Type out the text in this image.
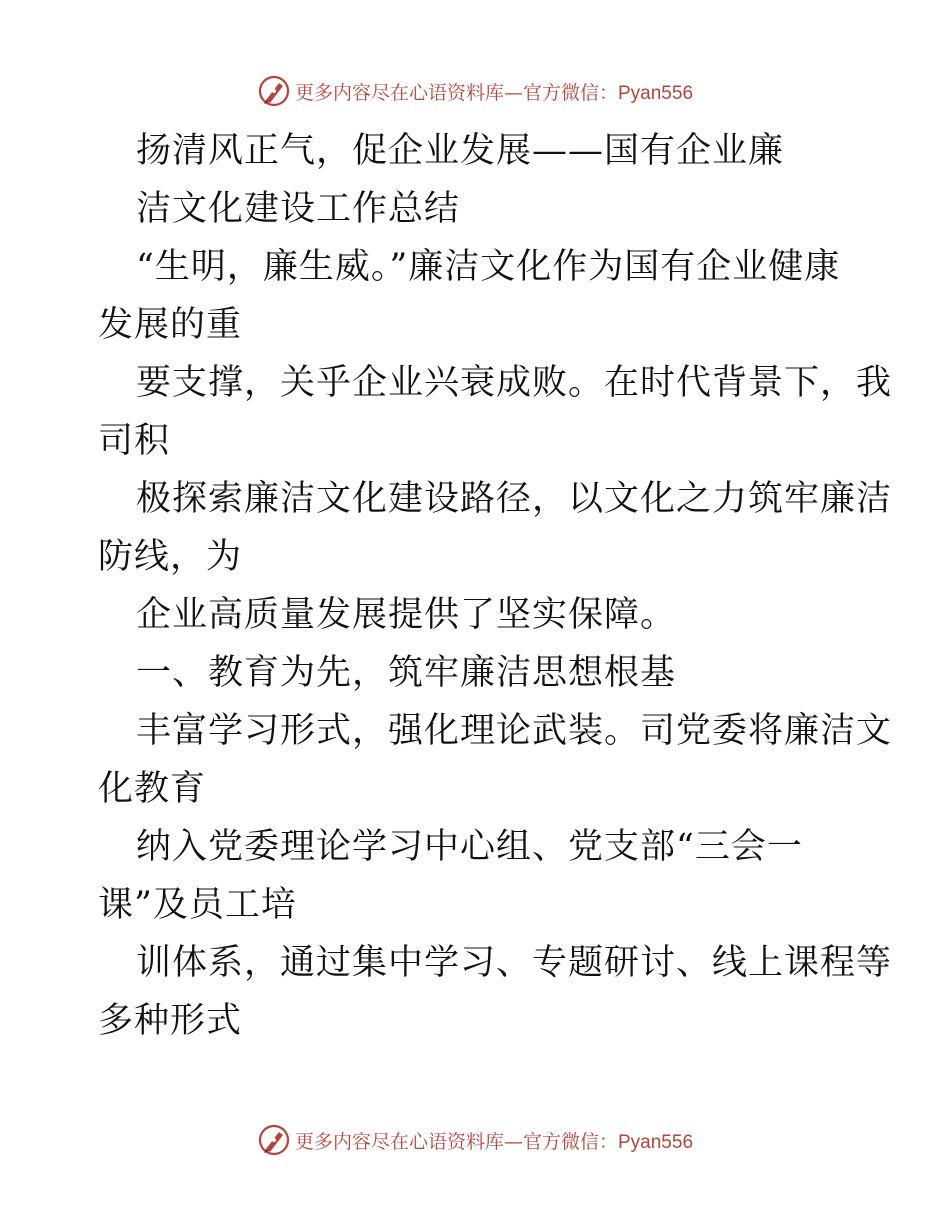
更多内容尽在心语资料库—官方微信：Pyan556
扬清风正气，促企业发展——国有企业廉
洁文化建设工作总结
“生明，廉生威。”廉洁文化作为国有企业健康
发展的重
要支撑，关乎企业兴衰成败。在时代背景下，我
司积
极探索廉洁文化建设路径，以文化之力筑牢廉洁
防线，为
企业高质量发展提供了坚实保障。
一、教育为先，筑牢廉洁思想根基
丰富学习形式，强化理论武装。司党委将廉洁文
化教育
纳入党委理论学习中心组、党支部“三会一
课”及员工培
训体系，通过集中学习、专题研讨、线上课程等
多种形式
更多内容尽在心语资料库—官方微信：Pyan556
